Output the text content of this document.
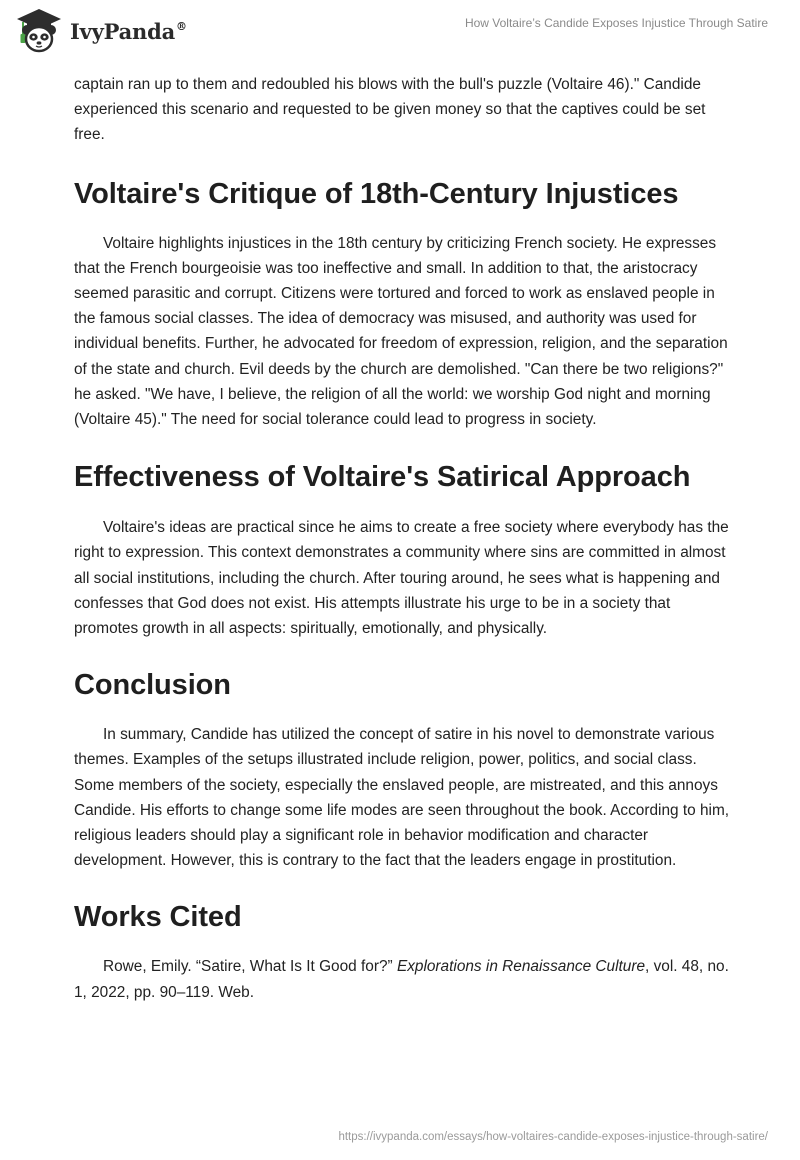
IvyPanda®	How Voltaire’s Candide Exposes Injustice Through Satire

captain ran up to them and redoubled his blows with the bull's puzzle (Voltaire 46)." Candide experienced this scenario and requested to be given money so that the captives could be set free.

Voltaire's Critique of 18th-Century Injustices

Voltaire highlights injustices in the 18th century by criticizing French society. He expresses that the French bourgeoisie was too ineffective and small. In addition to that, the aristocracy seemed parasitic and corrupt. Citizens were tortured and forced to work as enslaved people in the famous social classes. The idea of democracy was misused, and authority was used for individual benefits. Further, he advocated for freedom of expression, religion, and the separation of the state and church. Evil deeds by the church are demolished. "Can there be two religions?" he asked. "We have, I believe, the religion of all the world: we worship God night and morning (Voltaire 45)." The need for social tolerance could lead to progress in society.

Effectiveness of Voltaire's Satirical Approach

Voltaire's ideas are practical since he aims to create a free society where everybody has the right to expression. This context demonstrates a community where sins are committed in almost all social institutions, including the church. After touring around, he sees what is happening and confesses that God does not exist. His attempts illustrate his urge to be in a society that promotes growth in all aspects: spiritually, emotionally, and physically.

Conclusion

In summary, Candide has utilized the concept of satire in his novel to demonstrate various themes. Examples of the setups illustrated include religion, power, politics, and social class. Some members of the society, especially the enslaved people, are mistreated, and this annoys Candide. His efforts to change some life modes are seen throughout the book. According to him, religious leaders should play a significant role in behavior modification and character development. However, this is contrary to the fact that the leaders engage in prostitution.

Works Cited

Rowe, Emily. “Satire, What Is It Good for?” Explorations in Renaissance Culture, vol. 48, no. 1, 2022, pp. 90–119. Web.

https://ivypanda.com/essays/how-voltaires-candide-exposes-injustice-through-satire/
